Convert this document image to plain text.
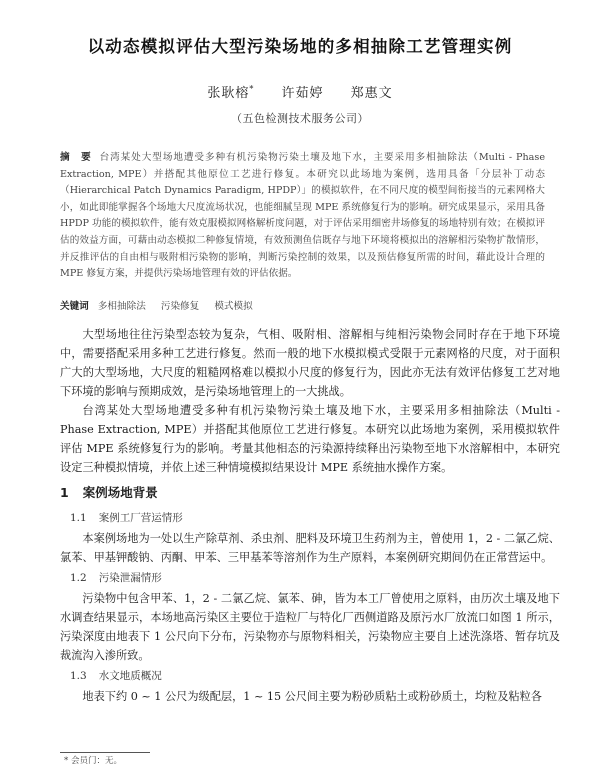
以动态模拟评估大型污染场地的多相抽除工艺管理实例
张耿榕* 许茹婷 郑惠文
（五色检测技术服务公司）
摘　要 台湾某处大型场地遭受多种有机污染物污染土壤及地下水，主要采用多相抽除法（Multi - Phase Extraction, MPE）并搭配其他原位工艺进行修复。本研究以此场地为案例，选用具备「分层补丁动态（Hierarchical Patch Dynamics Paradigm, HPDP）」的模拟软件，在不同尺度的模型间衔接当的元素网格大小，如此即能掌握各个场地大尺度流场状况，也能细腻呈现 MPE 系统修复行为的影响。研究成果显示，采用具备 HPDP 功能的模拟软件，能有效克服模拟网格解析度问题，对于评估采用细密井场修复的场地特别有效；在模拟评估的效益方面，可藉由动态模拟二种修复情境，有效预测鱼信既存与地下环境将模拟出的溶解相污染物扩散情形，并反推评估的自由相与吸附相污染物的影响，判断污染控制的效果，以及预估修复所需的时间，藉此设计合理的 MPE 修复方案，并提供污染场地管理有效的评估依据。
关键词 多相抽除法 污染修复 模式模拟

大型场地往往污染型态较为复杂，气相、吸附相、溶解相与纯相污染物会同时存在于地下环境中，需要搭配采用多种工艺进行修复。然而一般的地下水模拟模式受限于元素网格的尺度，对于面积广大的大型场地，大尺度的粗糙网格难以模拟小尺度的修复行为，因此亦无法有效评估修复工艺对地下环境的影响与预期成效，是污染场地管理上的一大挑战。

台湾某处大型场地遭受多种有机污染物污染土壤及地下水，主要采用多相抽除法（Multi - Phase Extraction, MPE）并搭配其他原位工艺进行修复。本研究以此场地为案例，采用模拟软件评估 MPE 系统修复行为的影响。考量其他相态的污染源持续释出污染物至地下水溶解相中，本研究设定三种模拟情境，并依上述三种情境模拟结果设计 MPE 系统抽水操作方案。

1 案例场地背景
1.1 案例工厂营运情形

本案例场地为一处以生产除草剂、杀虫剂、肥料及环境卫生药剂为主，曾使用 1，2 - 二氯乙烷、氯苯、甲基钾酸钠、丙酮、甲苯、三甲基苯等溶剂作为生产原料，本案例研究期间仍在正常营运中。

1.2 污染泄漏情形

污染物中包含甲苯、1，2 - 二氯乙烷、氯苯、砷，皆为本工厂曾使用之原料，由历次土壤及地下水调查结果显示，本场地高污染区主要位于造粒厂与特化厂西侧道路及原污水厂放流口如图 1 所示，污染深度由地表下 1 公尺向下分布，污染物亦与原物料相关，污染物应主要自上述洗涤塔、暂存坑及裁流沟入渗所致。

1.3 水文地质概况

地表下约 0 ~ 1 公尺为级配层，1 ~ 15 公尺间主要为粉砂质粘土或粉砂质土，均粒及粘粒各

* 会员门：无。
